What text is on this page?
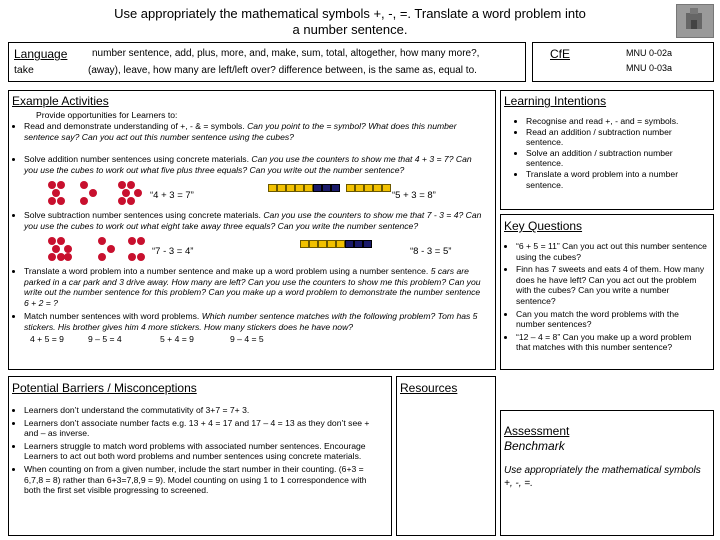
Use appropriately the mathematical symbols +, -, =. Translate a word problem into a number sentence.
Language
take
number sentence, add, plus, more, and, make, sum, total, altogether, how many more?,
(away), leave, how many are left/left over? difference between, is the same as, equal to.
CfE	MNU 0-02a
MNU 0-03a
Example Activities
Provide opportunities for Learners to:
• Read and demonstrate understanding of +, - & = symbols. Can you point to the = symbol? What does this number sentence say? Can you act out this number sentence using the cubes?
• Solve addition number sentences using concrete materials. Can you use the counters to show me that 4 + 3 = 7? Can you use the cubes to work out what five plus three equals? Can you write out the number sentence?
“4 + 3 = 7”	“5 + 3 = 8”
• Solve subtraction number sentences using concrete materials. Can you use the counters to show me that 7 - 3 = 4? Can you use the cubes to work out what eight take away three equals? Can you write the number sentence?
“7 - 3 = 4”	“8 - 3 = 5”
• Translate a word problem into a number sentence and make up a word problem using a number sentence. 5 cars are parked in a car park and 3 drive away. How many are left? Can you use the counters to show me this problem? Can you write out the number sentence for this problem? Can you make up a word problem to demonstrate the number sentence 6 + 2 = ?
• Match number sentences with word problems. Which number sentence matches with the following problem? Tom has 5 stickers. His brother gives him 4 more stickers. How many stickers does he have now?
4 + 5 = 9	9 – 5 = 4	5 + 4 = 9	9 – 4 = 5
Learning Intentions
• Recognise and read +, - and = symbols.
• Read an addition / subtraction number sentence.
• Solve an addition / subtraction number sentence.
• Translate a word problem into a number sentence.
Key Questions
• “6 + 5 = 11” Can you act out this number sentence using the cubes?
• Finn has 7 sweets and eats 4 of them. How many does he have left? Can you act out the problem with the cubes? Can you write a number sentence?
• Can you match the word problems with the number sentences?
• “12 – 4 = 8” Can you make up a word problem that matches with this number sentence?
Potential Barriers / Misconceptions
• Learners don’t understand the commutativity of 3+7 = 7+ 3.
• Learners don’t associate number facts e.g. 13 + 4 = 17 and 17 – 4 = 13 as they don’t see + and – as inverse.
• Learners struggle to match word problems with associated number sentences. Encourage Learners to act out both word problems and number sentences using concrete materials.
• When counting on from a given number, include the start number in their counting. (6+3 = 6,7,8 = 8) rather than 6+3=7,8,9 = 9). Model counting on using 1 to 1 correspondence with both the first set visible progressing to screened.
Resources
Assessment
Benchmark
Use appropriately the mathematical symbols +, -, =.
